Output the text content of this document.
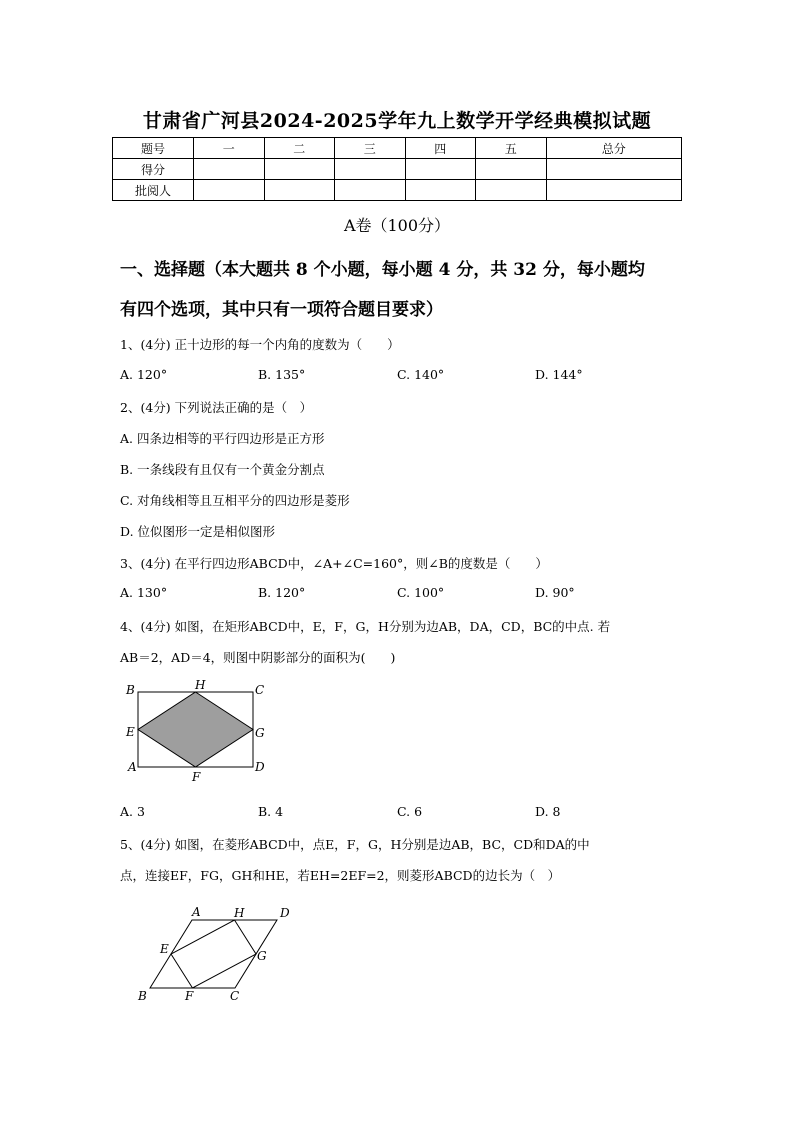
甘肃省广河县2024-2025学年九上数学开学经典模拟试题
题号	一	二	三	四	五	总分
得分						
批阅人						
A卷（100分）
一、选择题（本大题共 8 个小题，每小题 4 分，共 32 分，每小题均
有四个选项，其中只有一项符合题目要求）
1、(4分) 正十边形的每一个内角的度数为（　　）
A. 120°	B. 135°	C. 140°	D. 144°
2、(4分) 下列说法正确的是（　）
A. 四条边相等的平行四边形是正方形
B. 一条线段有且仅有一个黄金分割点
C. 对角线相等且互相平分的四边形是菱形
D. 位似图形一定是相似图形
3、(4分) 在平行四边形ABCD中，∠A+∠C=160°，则∠B的度数是（　　）
A. 130°	B. 120°	C. 100°	D. 90°
4、(4分) 如图，在矩形ABCD中，E，F，G，H分别为边AB，DA，CD，BC的中点. 若
AB＝2，AD＝4，则图中阴影部分的面积为(　　)
B	H	C
E	G
A
F
D
A. 3	B. 4	C. 6	D. 8
5、(4分) 如图，在菱形ABCD中，点E，F，G，H分别是边AB，BC，CD和DA的中
点，连接EF，FG，GH和HE，若EH=2EF=2，则菱形ABCD的边长为（　）
A	H	D
E	G
B	F	C
